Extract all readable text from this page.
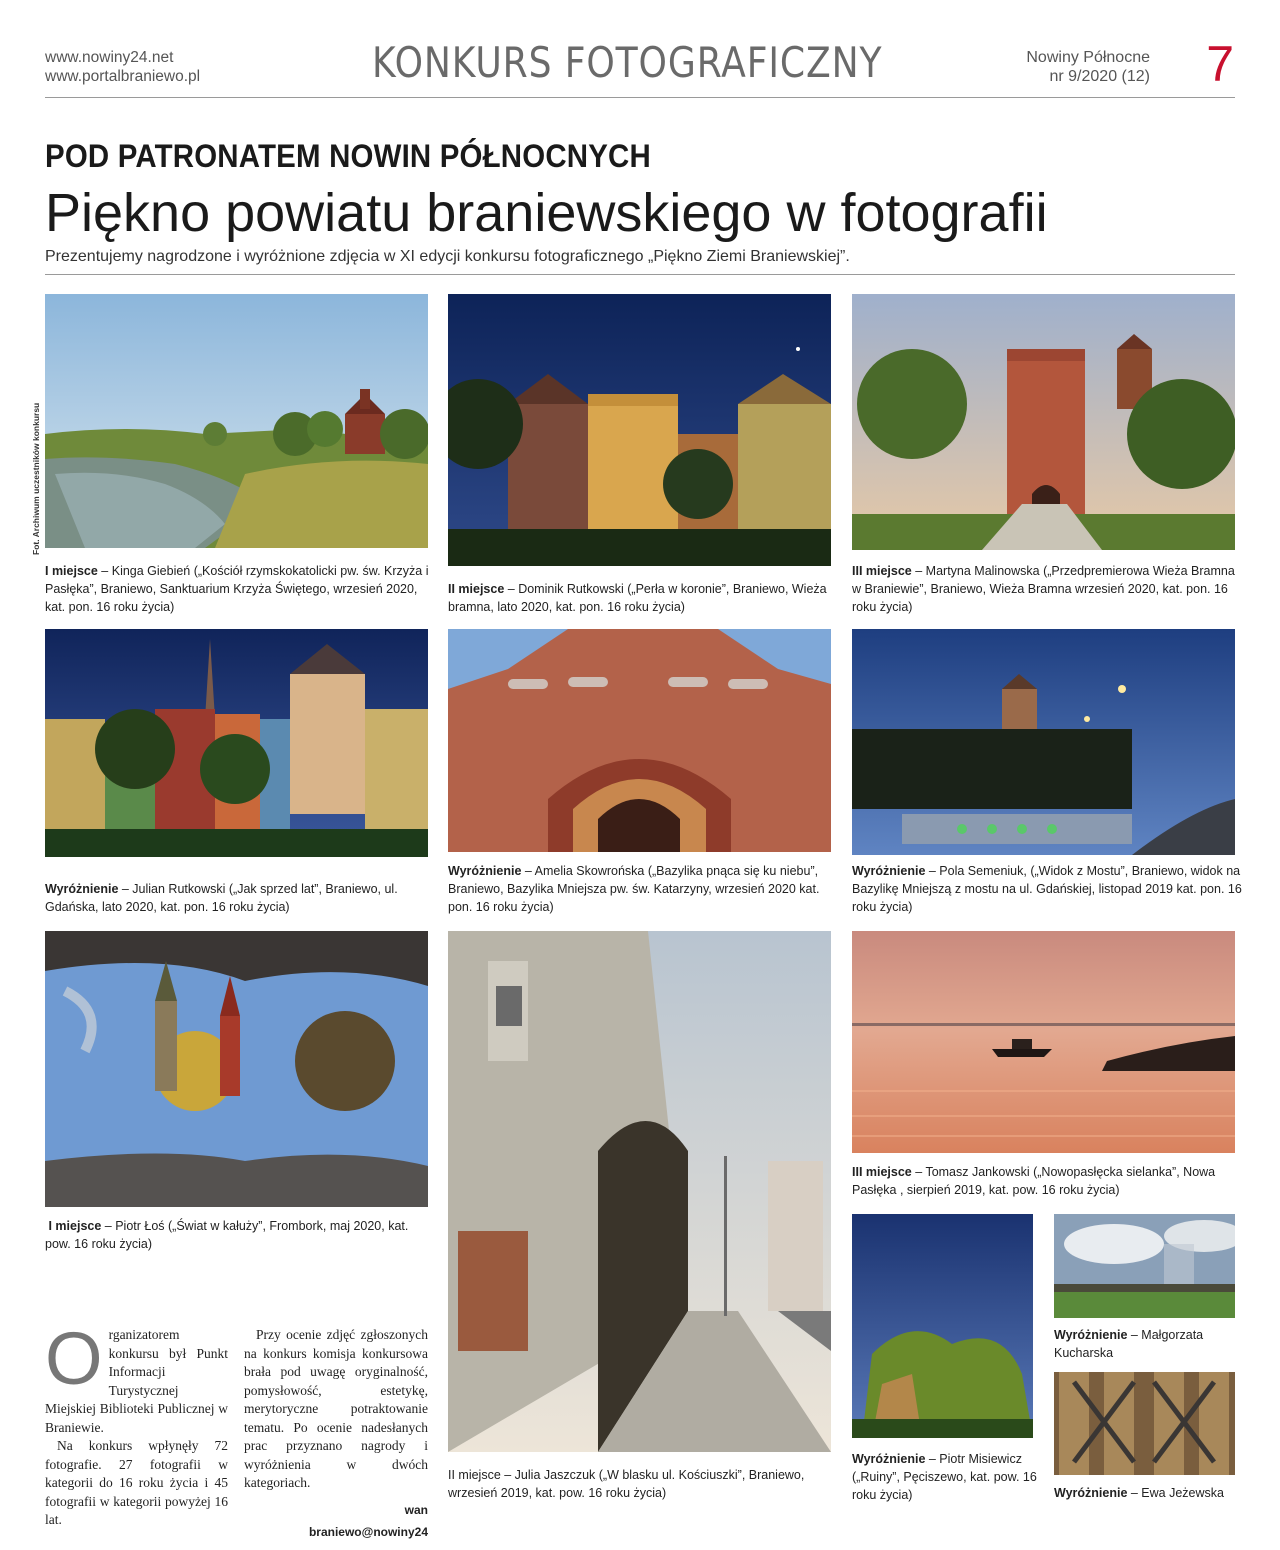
www.nowiny24.net
www.portalbraniewo.pl	KONKURS FOTOGRAFICZNY	Nowiny Północne
nr 9/2020 (12) 7
POD PATRONATEM NOWIN PÓŁNOCNYCH
Piękno powiatu braniewskiego w fotografii
Prezentujemy nagrodzone i wyróżnione zdjęcia w XI edycji konkursu fotograficznego „Piękno Ziemi Braniewskiej”.
Fot. Archiwum uczestników konkursu
I miejsce – Kinga Giebień („Kościół rzymskokatolicki pw. św. Krzyża i Pasłęka”, Braniewo, Sanktuarium Krzyża Świętego, wrzesień 2020, kat. pon. 16 roku życia)
II miejsce – Dominik Rutkowski („Perła w koronie”, Braniewo, Wieża bramna, lato 2020, kat. pon. 16 roku życia)
III miejsce – Martyna Malinowska („Przedpremierowa Wieża Bramna w Braniewie”, Braniewo, Wieża Bramna wrzesień 2020, kat. pon. 16 roku życia)
Wyróżnienie – Julian Rutkowski („Jak sprzed lat”, Braniewo, ul. Gdańska, lato 2020, kat. pon. 16 roku życia)
Wyróżnienie – Amelia Skowrońska („Bazylika pnąca się ku niebu”, Braniewo, Bazylika Mniejsza pw. św. Katarzyny, wrzesień 2020 kat. pon. 16 roku życia)
Wyróżnienie – Pola Semeniuk, („Widok z Mostu”, Braniewo, widok na Bazylikę Mniejszą z mostu na ul. Gdańskiej, listopad 2019 kat. pon. 16 roku życia)
I miejsce – Piotr Łoś („Świat w kałuży”, Frombork, maj 2020, kat. pow. 16 roku życia)
II miejsce – Julia Jaszczuk („W blasku ul. Kościuszki”, Braniewo, wrzesień 2019, kat. pow. 16 roku życia)
III miejsce – Tomasz Jankowski („Nowopasłęcka sielanka”, Nowa Pasłęka , sierpień 2019, kat. pow. 16 roku życia)
Wyróżnienie – Piotr Misiewicz („Ruiny”, Pęciszewo, kat. pow. 16 roku życia)
Wyróżnienie – Małgorzata Kucharska
Wyróżnienie – Ewa Jeżewska
O rganizatorem konkursu był Punkt Informacji Turystycznej Miejskiej Biblioteki Publicznej w Braniewie.
Na konkurs wpłynęły 72 fotografie. 27 fotografii w kategorii do 16 roku życia i 45 fotografii w kategorii powyżej 16 lat.
Przy ocenie zdjęć zgłoszonych na konkurs komisja konkursowa brała pod uwagę oryginalność, pomysłowość, estetykę, merytoryczne potraktowanie tematu. Po ocenie nadesłanych prac przyznano nagrody i wyróżnienia w dwóch kategoriach.
wan
braniewo@nowiny24
